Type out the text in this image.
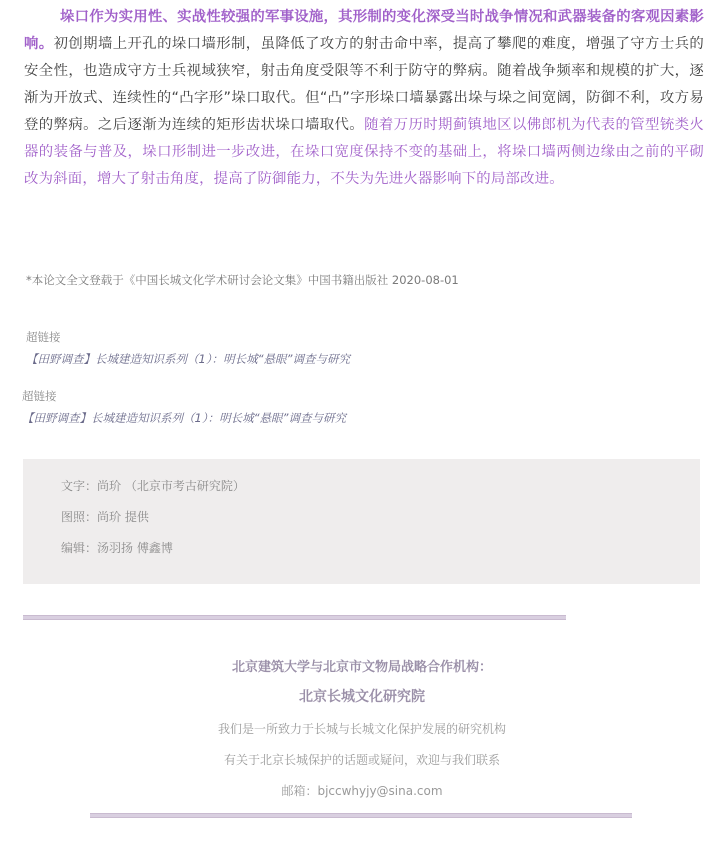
垛口作为实用性、实战性较强的军事设施，其形制的变化深受当时战争情况和武器装备的客观因素影响。初创期墙上开孔的垛口墙形制，虽降低了攻方的射击命中率，提高了攀爬的难度，增强了守方士兵的安全性，也造成守方士兵视域狭窄，射击角度受限等不利于防守的弊病。随着战争频率和规模的扩大，逐渐为开放式、连续性的“凸字形”垛口取代。但“凸”字形垛口墙暴露出垛与垛之间宽阔，防御不利，攻方易登的弊病。之后逐渐为连续的矩形齿状垛口墙取代。随着万历时期蓟镇地区以佛郎机为代表的管型铳类火器的装备与普及，垛口形制进一步改进，在垛口宽度保持不变的基础上，将垛口墙两侧边缘由之前的平砌改为斜面，增大了射击角度，提高了防御能力，不失为先进火器影响下的局部改进。
*本论文全文登载于《中国长城文化学术研讨会论文集》中国书籍出版社 2020-08-01
超链接
【田野调查】长城建造知识系列（1）：明长城“悬眼”调查与研究
超链接
【田野调查】长城建造知识系列（1）：明长城“悬眼”调查与研究
文字：尚玠 （北京市考古研究院）
图照：尚玠 提供
编辑：汤羽扬 傅鑫博
北京建筑大学与北京市文物局战略合作机构：
北京长城文化研究院
我们是一所致力于长城与长城文化保护发展的研究机构
有关于北京长城保护的话题或疑问，欢迎与我们联系
邮箱：bjccwhyjy@sina.com
